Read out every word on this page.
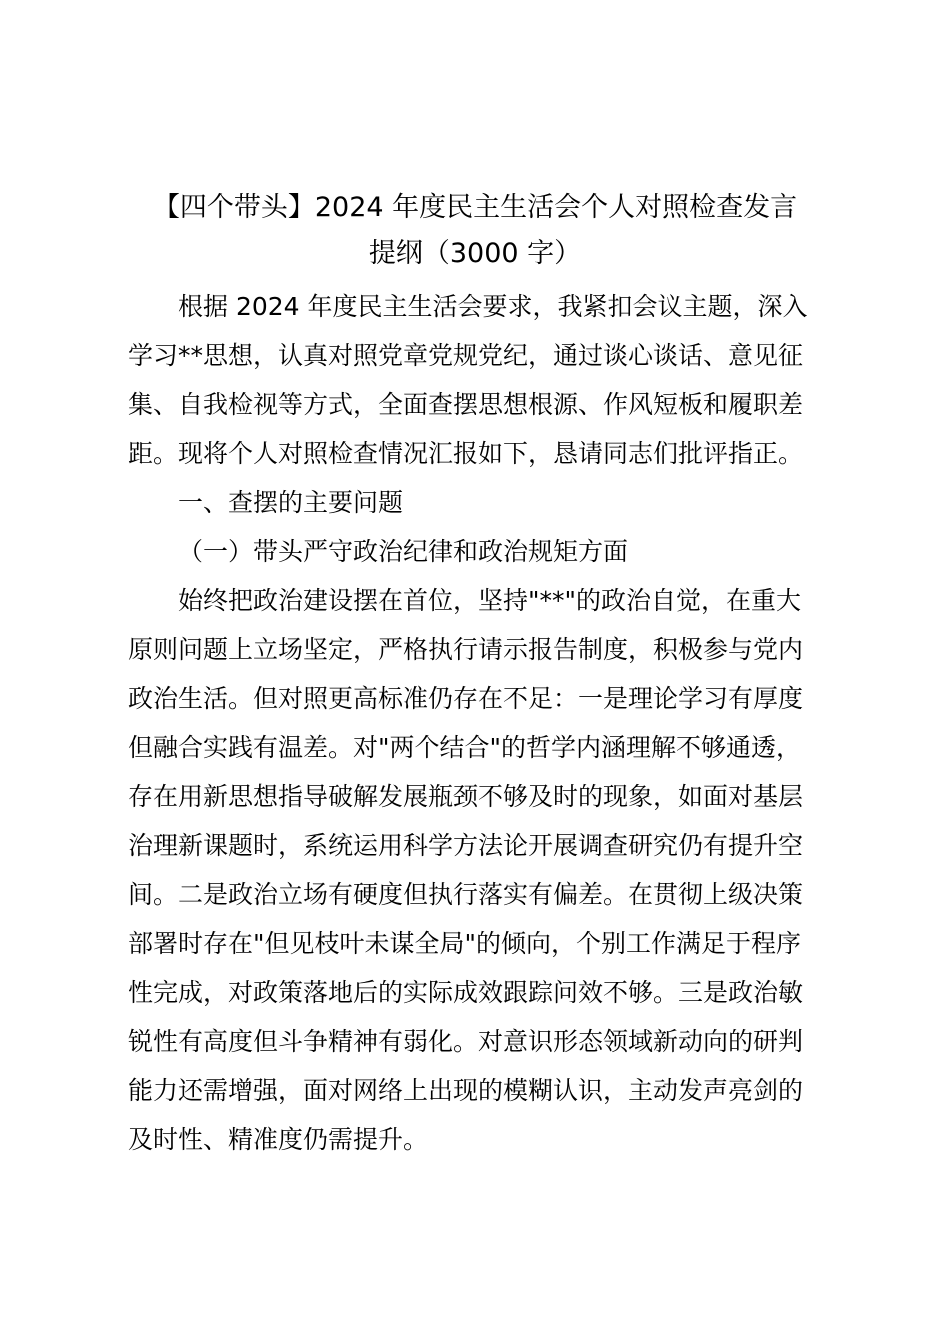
【四个带头】2024 年度民主生活会个人对照检查发言
提纲（3000 字）
根据 2024 年度民主生活会要求，我紧扣会议主题，深入
学习**思想，认真对照党章党规党纪，通过谈心谈话、意见征
集、自我检视等方式，全面查摆思想根源、作风短板和履职差
距。现将个人对照检查情况汇报如下，恳请同志们批评指正。
一、查摆的主要问题
（一）带头严守政治纪律和政治规矩方面
始终把政治建设摆在首位，坚持"**"的政治自觉，在重大
原则问题上立场坚定，严格执行请示报告制度，积极参与党内
政治生活。但对照更高标准仍存在不足：一是理论学习有厚度
但融合实践有温差。对"两个结合"的哲学内涵理解不够通透，
存在用新思想指导破解发展瓶颈不够及时的现象，如面对基层
治理新课题时，系统运用科学方法论开展调查研究仍有提升空
间。二是政治立场有硬度但执行落实有偏差。在贯彻上级决策
部署时存在"但见枝叶未谋全局"的倾向，个别工作满足于程序
性完成，对政策落地后的实际成效跟踪问效不够。三是政治敏
锐性有高度但斗争精神有弱化。对意识形态领域新动向的研判
能力还需增强，面对网络上出现的模糊认识，主动发声亮剑的
及时性、精准度仍需提升。
